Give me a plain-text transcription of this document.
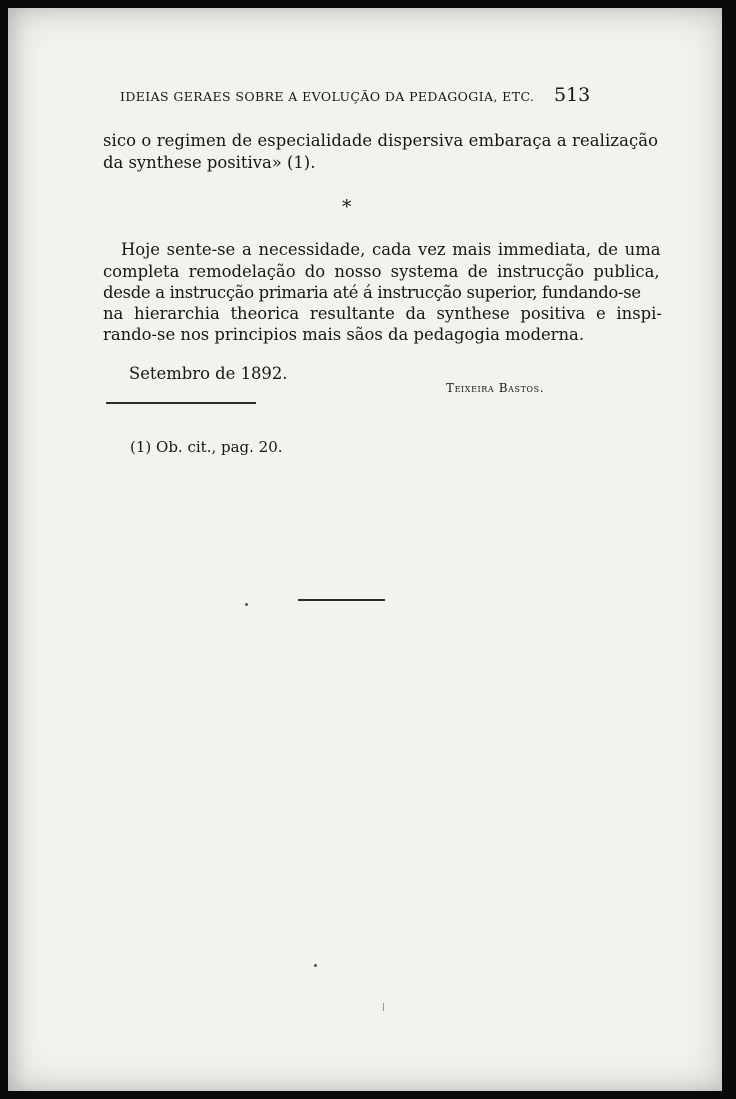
IDEIAS GERAES SOBRE A EVOLUÇÃO DA PEDAGOGIA, ETC. 513
sico o regimen de especialidade dispersiva embaraça a realização
da synthese positiva» (1).
*
Hoje sente-se a necessidade, cada vez mais immediata, de uma
completa remodelação do nosso systema de instrucção publica,
desde a instrucção primaria até á instrucção superior, fundando-se
na hierarchia theorica resultante da synthese positiva e inspi-
rando-se nos principios mais sãos da pedagogia moderna.
Setembro de 1892.
Teixeira Bastos.
(1) Ob. cit., pag. 20.
